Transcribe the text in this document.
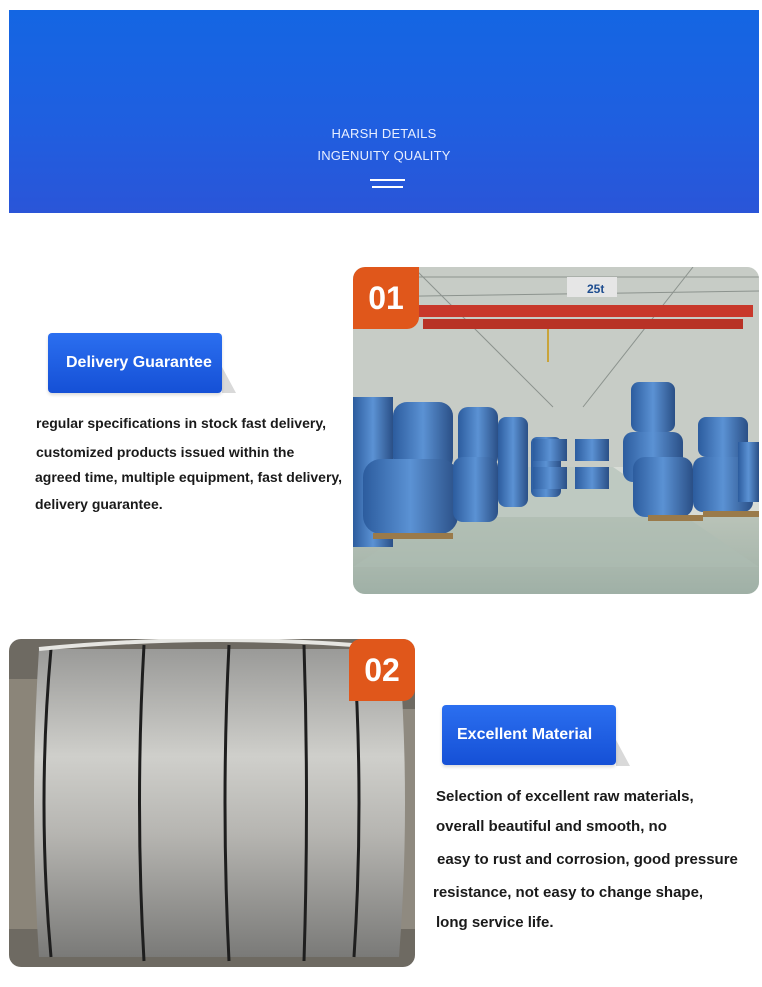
HARSH DETAILS
INGENUITY QUALITY
Delivery Guarantee
regular specifications in stock fast delivery,
customized products issued within the
agreed time, multiple equipment, fast delivery,
delivery guarantee.
25t
01
02
Excellent Material
Selection of excellent raw materials,
overall beautiful and smooth, no
easy to rust and corrosion, good pressure
resistance, not easy to change shape,
long service life.
